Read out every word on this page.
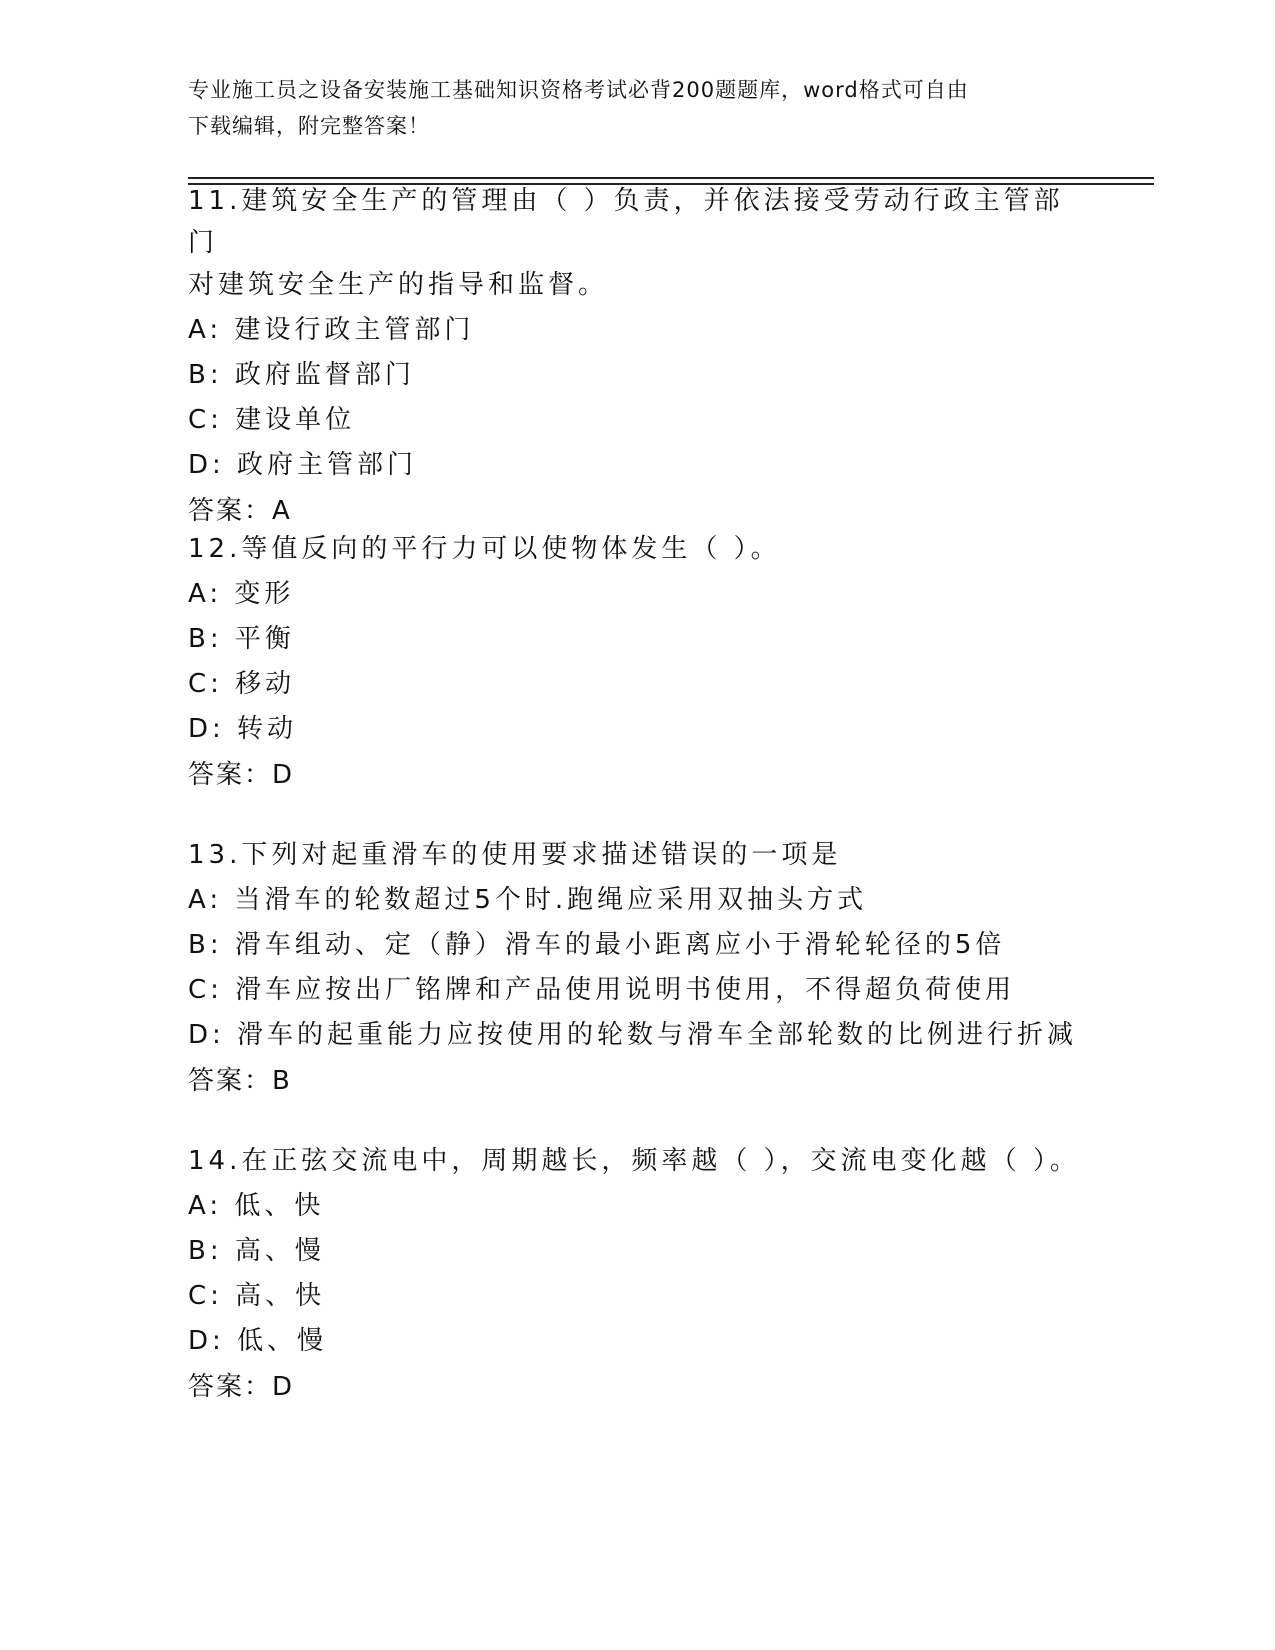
专业施工员之设备安装施工基础知识资格考试必背200题题库，word格式可自由
下载编辑，附完整答案！
11.建筑安全生产的管理由（ ）负责，并依法接受劳动行政主管部门
对建筑安全生产的指导和监督。
A: 建设行政主管部门
B: 政府监督部门
C: 建设单位
D: 政府主管部门
答案：A
12.等值反向的平行力可以使物体发生（ ）。
A: 变形
B: 平衡
C: 移动
D: 转动
答案：D
13.下列对起重滑车的使用要求描述错误的一项是
A: 当滑车的轮数超过5个时.跑绳应采用双抽头方式
B: 滑车组动、定（静）滑车的最小距离应小于滑轮轮径的5倍
C: 滑车应按出厂铭牌和产品使用说明书使用，不得超负荷使用
D: 滑车的起重能力应按使用的轮数与滑车全部轮数的比例进行折减
答案：B
14.在正弦交流电中，周期越长，频率越（ ），交流电变化越（ ）。
A: 低、快
B: 高、慢
C: 高、快
D: 低、慢
答案：D
